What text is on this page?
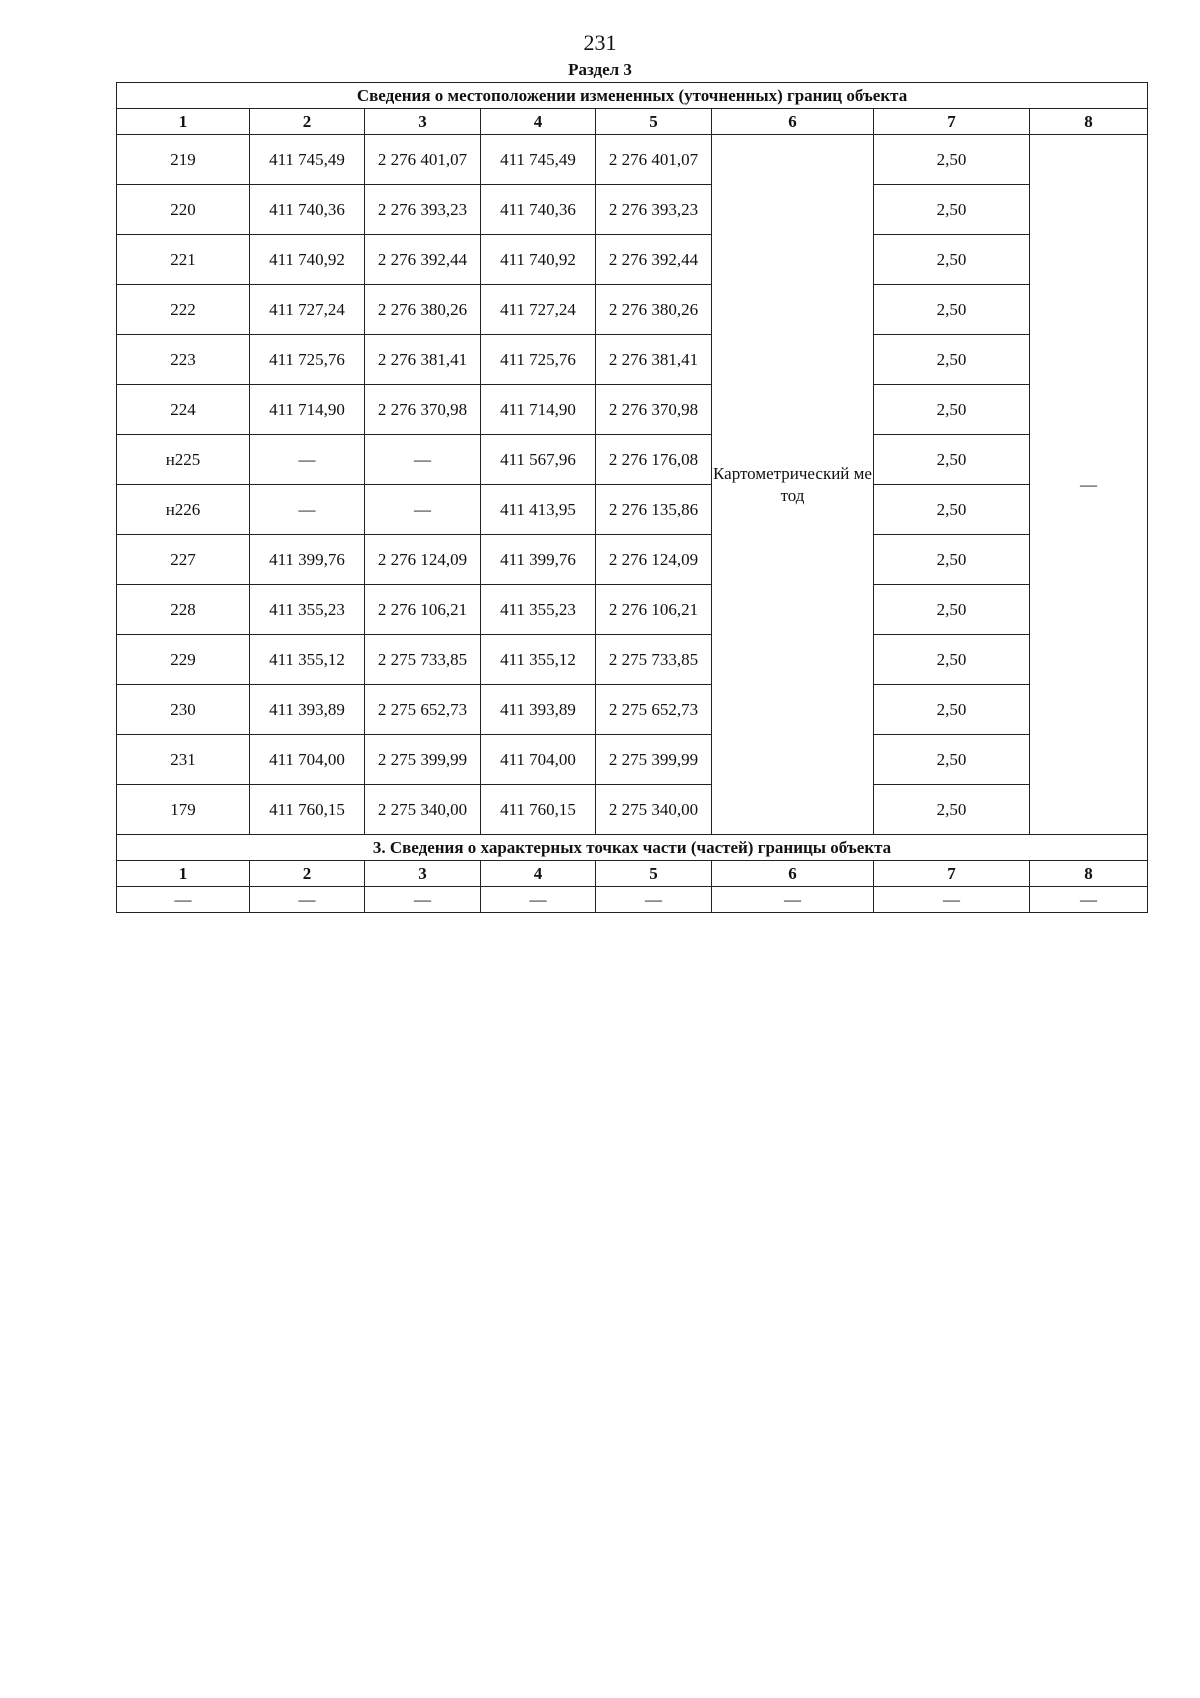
231
Раздел 3
Сведения о местоположении измененных (уточненных) границ объекта							
1	2	3	4	5	6	7	8
219	411 745,49	2 276 401,07	411 745,49	2 276 401,07	Картометрический метод	2,50	—
220	411 740,36	2 276 393,23	411 740,36	2 276 393,23		2,50	
221	411 740,92	2 276 392,44	411 740,92	2 276 392,44		2,50	
222	411 727,24	2 276 380,26	411 727,24	2 276 380,26		2,50	
223	411 725,76	2 276 381,41	411 725,76	2 276 381,41		2,50	
224	411 714,90	2 276 370,98	411 714,90	2 276 370,98		2,50	
н225	—	—	411 567,96	2 276 176,08		2,50	
н226	—	—	411 413,95	2 276 135,86		2,50	
227	411 399,76	2 276 124,09	411 399,76	2 276 124,09		2,50	
228	411 355,23	2 276 106,21	411 355,23	2 276 106,21		2,50	
229	411 355,12	2 275 733,85	411 355,12	2 275 733,85		2,50	
230	411 393,89	2 275 652,73	411 393,89	2 275 652,73		2,50	
231	411 704,00	2 275 399,99	411 704,00	2 275 399,99		2,50	
179	411 760,15	2 275 340,00	411 760,15	2 275 340,00		2,50	
3. Сведения о характерных точках части (частей) границы объекта							
1	2	3	4	5	6	7	8
—	—	—	—	—	—	—	—
